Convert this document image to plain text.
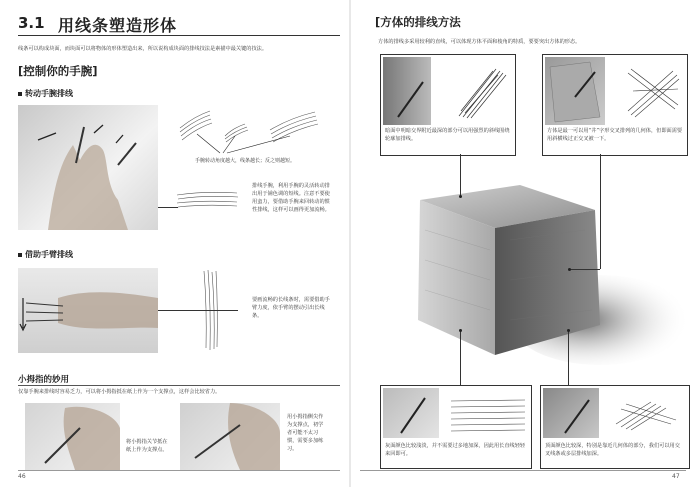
3.1 用线条塑造形体
线条可以构成块面，而块面可以将物体的形体塑造出来，所以说构成块面的排线技法是素描中最关键的技法。
[控制你的手腕]
转动手腕排线
手腕转动角度越大，线条越长；反之则越短。
排线手腕，利用手腕的灵活转动排出用于铺色调的短线。注意不要使用蛮力，要借助手腕来回转动的惯性排线，这样可以画得更加流畅。
借助手臂排线
要画流畅的长线条时，需要借助手臂力度，依手臂的摆动引出长线条。
小拇指的妙用
仅靠手腕来排线时容易乏力，可以将小拇指抵在纸上作为一个支撑点，这样会比较省力。
将小拇指关节抵在纸上作为支撑点。
用小拇指侧尖作为支撑点，初学者可能不太习惯，需要多加练习。
46
[方体的排线方法
方体的排线多采用较利的直线，可以体现方体平面和棱角的特质，要要突出方体的形态。
暗面中明暗交界附近最深的部分可以用强烈的斜线围绕轮廓加排线。
方体是最一可以用“井”字形交叉排列的几何体，但即面需要用斜横线过正交叉被一下。
灰面颜色比较浅淡，并不需要过多地加深，因此用长直线轻轻来回即可。
顶面颜色比较深，特别是靠近几何体的部分，我们可以用交叉线条或多层排线加深。
47
